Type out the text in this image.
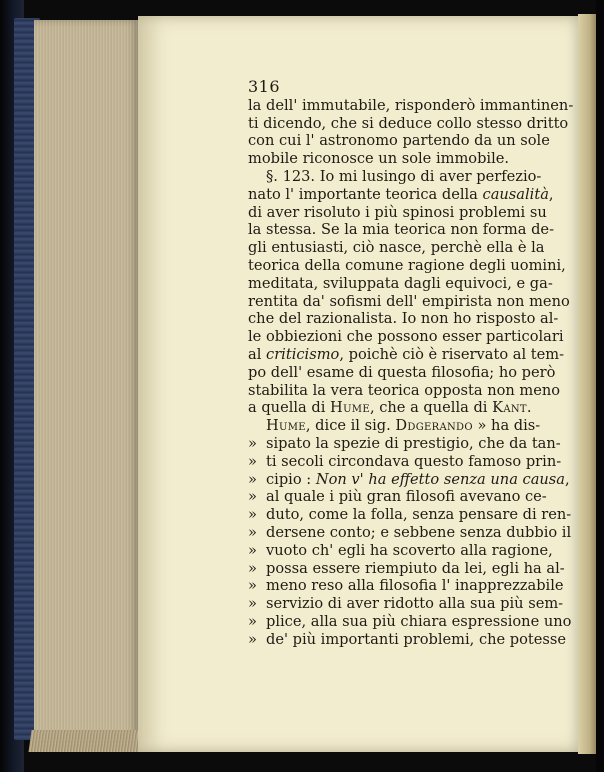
316
la dell' immutabile, risponderò immantinen-
ti dicendo, che si deduce collo stesso dritto
con cui l' astronomo partendo da un sole
mobile riconosce un sole immobile.
§. 123. Io mi lusingo di aver perfezio-
nato l' importante teorica della causalità,
di aver risoluto i più spinosi problemi su
la stessa. Se la mia teorica non forma de-
gli entusiasti, ciò nasce, perchè ella è la
teorica della comune ragione degli uomini,
meditata, sviluppata dagli equivoci, e ga-
rentita da' sofismi dell' empirista non meno
che del razionalista. Io non ho risposto al-
le obbiezioni che possono esser particolari
al criticismo, poichè ciò è riservato al tem-
po dell' esame di questa filosofia; ho però
stabilita la vera teorica opposta non meno
a quella di Hume, che a quella di Kant.
Hume, dice il sig. Ddgerando » ha dis-
» sipato la spezie di prestigio, che da tan-
» ti secoli circondava questo famoso prin-
» cipio : Non v' ha effetto senza una causa,
» al quale i più gran filosofi avevano ce-
» duto, come la folla, senza pensare di ren-
» dersene conto; e sebbene senza dubbio il
» vuoto ch' egli ha scoverto alla ragione,
» possa essere riempiuto da lei, egli ha al-
» meno reso alla filosofia l' inapprezzabile
» servizio di aver ridotto alla sua più sem-
» plice, alla sua più chiara espressione uno
» de' più importanti problemi, che potesse
